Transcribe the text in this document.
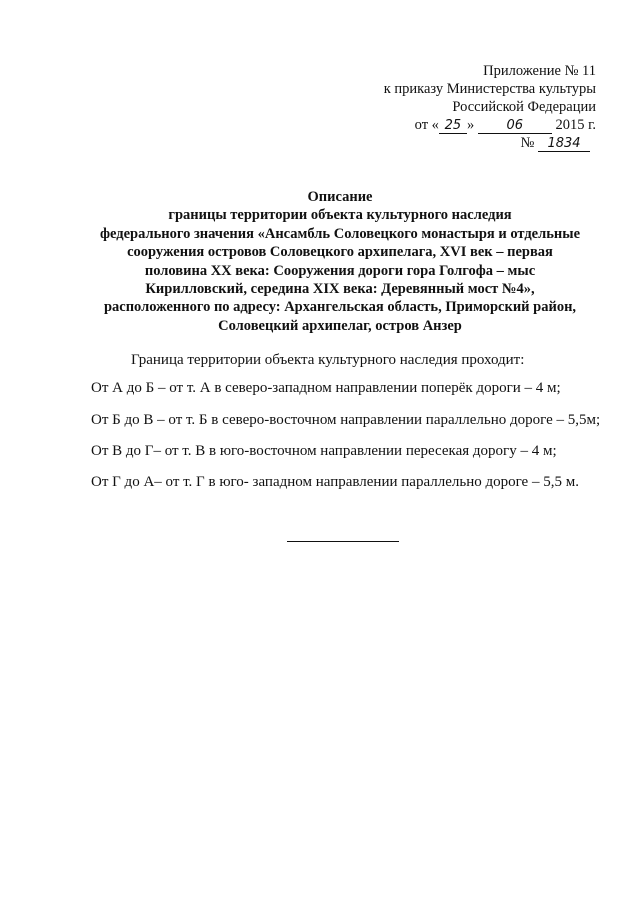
Приложение № 11
к приказу Министерства культуры
Российской Федерации
от « 25 » 06 2015 г.
№ 1834
Описание
границы территории объекта культурного наследия
федерального значения «Ансамбль Соловецкого монастыря и отдельные
сооружения островов Соловецкого архипелага, XVI век – первая
половина XX века: Сооружения дороги гора Голгофа – мыс
Кирилловский, середина XIX века: Деревянный мост №4»,
расположенного по адресу: Архангельская область, Приморский район,
Соловецкий архипелаг, остров Анзер
Граница территории объекта культурного наследия проходит:
От А до Б – от т. А в северо-западном направлении поперёк дороги – 4 м;
От Б до В – от т. Б в северо-восточном направлении параллельно дороге – 5,5м;
От В до Г– от т. В в юго-восточном направлении пересекая дорогу – 4 м;
От Г до А– от т. Г в юго- западном направлении параллельно дороге – 5,5 м.
